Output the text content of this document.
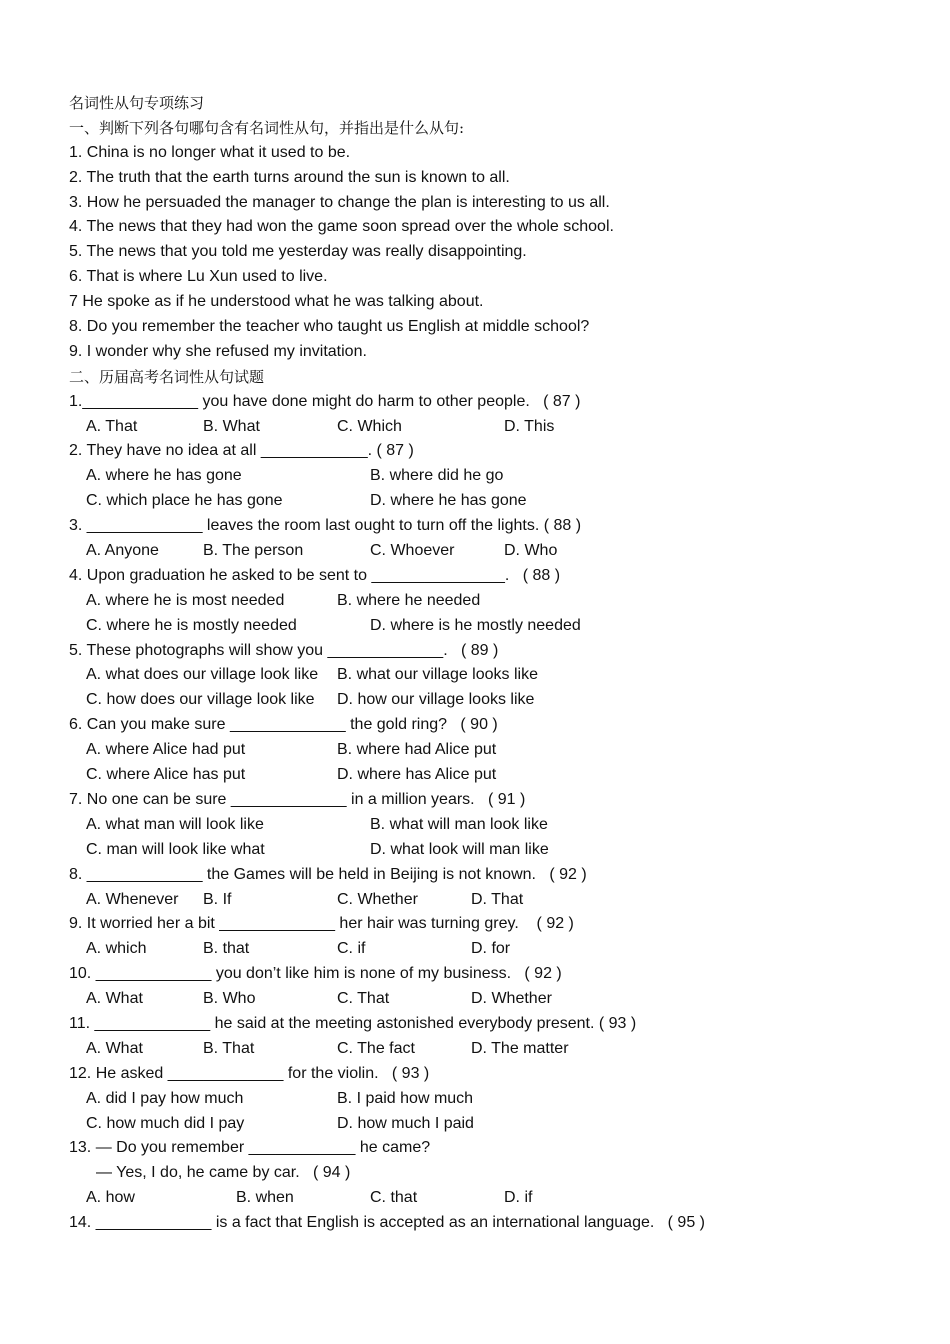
名词性从句专项练习
一、判断下列各句哪句含有名词性从句，并指出是什么从句:
1. China is no longer what it used to be.
2. The truth that the earth turns around the sun is known to all.
3. How he persuaded the manager to change the plan is interesting to us all.
4. The news that they had won the game soon spread over the whole school.
5. The news that you told me yesterday was really disappointing.
6. That is where Lu Xun used to live.
7 He spoke as if he understood what he was talking about.
8. Do you remember the teacher who taught us English at middle school?
9. I wonder why she refused my invitation.
二、历届高考名词性从句试题
1._____________ you have done might do harm to other people.   ( 87 )

A. That

	B. What

	C. Which

	D. This

2. They have no idea at all ____________. ( 87 )

A. where he has gone

	B. where did he go

C. which place he has gone

	D. where he has gone

3. _____________ leaves the room last ought to turn off the lights. ( 88 )

A. Anyone

	B. The person

	C. Whoever

	D. Who

4. Upon graduation he asked to be sent to _______________.   ( 88 )

A. where he is most needed

	B. where he needed

C. where he is mostly needed

	D. where is he mostly needed

5. These photographs will show you _____________.   ( 89 )

A. what does our village look like

B. what our village looks like

C. how does our village look like

D. how our village looks like

6. Can you make sure _____________ the gold ring?   ( 90 )

A. where Alice had put

	B. where had Alice put

C. where Alice has put

	D. where has Alice put

7. No one can be sure _____________ in a million years.   ( 91 )

A. what man will look like

	B. what will man look like

C. man will look like what

	D. what look will man like

8. _____________ the Games will be held in Beijing is not known.   ( 92 )

A. Whenever

B. If

	C. Whether

	D. That

9. It worried her a bit _____________ her hair was turning grey.    ( 92 )

A. which

	B. that

	C. if

	D. for

10. _____________ you don’t like him is none of my business.   ( 92 )

A. What

	B. Who

	C. That

	D. Whether

11. _____________ he said at the meeting astonished everybody present. ( 93 )

A. What

	B. That

	C. The fact

	D. The matter

12. He asked _____________ for the violin.   ( 93 )

A. did I pay how much

	B. I paid how much

C. how much did I pay

	D. how much I paid

13. — Do you remember ____________ he came?
— Yes, I do, he came by car.   ( 94 )

A. how

	B. when

	C. that

	D. if

14. _____________ is a fact that English is accepted as an international language.   ( 95 )
